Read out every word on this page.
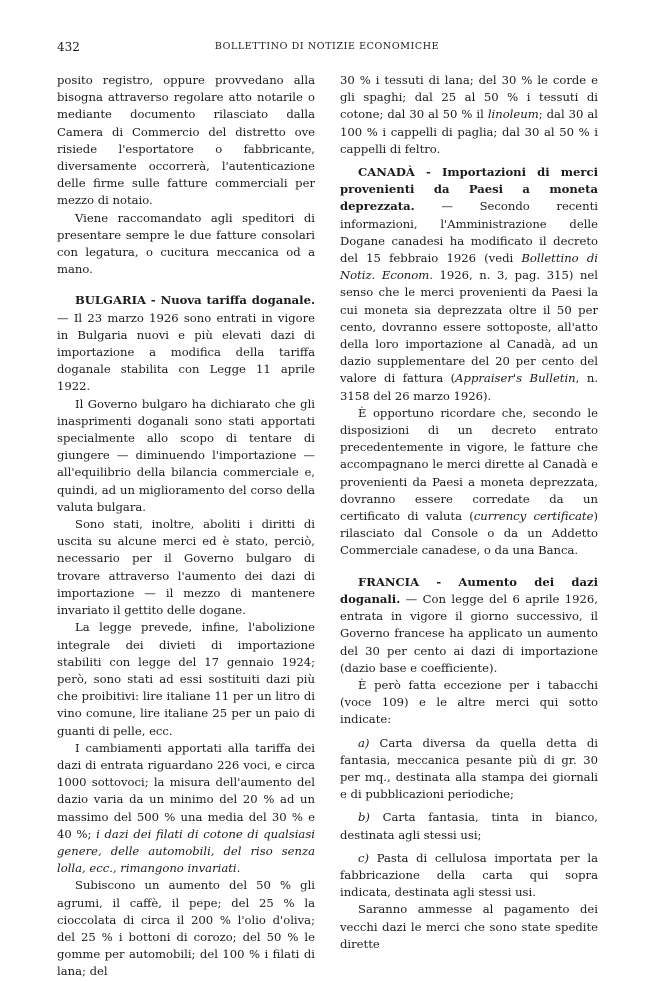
432	BOLLETTINO DI NOTIZIE ECONOMICHE

posito registro, oppure provvedano alla bisogna attraverso regolare atto notarile o mediante documento rilasciato dalla Camera di Commercio del distretto ove risiede l'esportatore o fabbricante, diversamente occorrerà, l'autenticazione delle firme sulle fatture commerciali per mezzo di notaio.

Viene raccomandato agli speditori di presentare sempre le due fatture consolari con legatura, o cucitura meccanica od a mano.

BULGARIA - Nuova tariffa doganale. — Il 23 marzo 1926 sono entrati in vigore in Bulgaria nuovi e più elevati dazi di importazione a modifica della tariffa doganale stabilita con Legge 11 aprile 1922.

Il Governo bulgaro ha dichiarato che gli inasprimenti doganali sono stati apportati specialmente allo scopo di tentare di giungere — diminuendo l'importazione — all'equilibrio della bilancia commerciale e, quindi, ad un miglioramento del corso della valuta bulgara.

Sono stati, inoltre, aboliti i diritti di uscita su alcune merci ed è stato, perciò, necessario per il Governo bulgaro di trovare attraverso l'aumento dei dazi di importazione — il mezzo di mantenere invariato il gettito delle dogane.

La legge prevede, infine, l'abolizione integrale dei divieti di importazione stabiliti con legge del 17 gennaio 1924; però, sono stati ad essi sostituiti dazi più che proibitivi: lire italiane 11 per un litro di vino comune, lire italiane 25 per un paio di guanti di pelle, ecc.

I cambiamenti apportati alla tariffa dei dazi di entrata riguardano 226 voci, e circa 1000 sottovoci; la misura dell'aumento del dazio varia da un minimo del 20 % ad un massimo del 500 % una media del 30 % e 40 %; i dazi dei filati di cotone di qualsiasi genere, delle automobili, del riso senza lolla, ecc., rimangono invariati.

Subiscono un aumento del 50 % gli agrumi, il caffè, il pepe; del 25 % la cioccolata di circa il 200 % l'olio d'oliva; del 25 % i bottoni di corozo; del 50 % le gomme per automobili; del 100 % i filati di lana; del

30 % i tessuti di lana; del 30 % le corde e gli spaghi; dal 25 al 50 % i tessuti di cotone; dal 30 al 50 % il linoleum; dal 30 al 100 % i cappelli di paglia; dal 30 al 50 % i cappelli di feltro.

CANADÀ - Importazioni di merci provenienti da Paesi a moneta deprezzata. — Secondo recenti informazioni, l'Amministrazione delle Dogane canadesi ha modificato il decreto del 15 febbraio 1926 (vedi Bollettino di Notiz. Econom. 1926, n. 3, pag. 315) nel senso che le merci provenienti da Paesi la cui moneta sia deprezzata oltre il 50 per cento, dovranno essere sottoposte, all'atto della loro importazione al Canadà, ad un dazio supplementare del 20 per cento del valore di fattura (Appraiser's Bulletin, n. 3158 del 26 marzo 1926).

È opportuno ricordare che, secondo le disposizioni di un decreto entrato precedentemente in vigore, le fatture che accompagnano le merci dirette al Canadà e provenienti da Paesi a moneta deprezzata, dovranno essere corredate da un certificato di valuta (currency certificate) rilasciato dal Console o da un Addetto Commerciale canadese, o da una Banca.

FRANCIA - Aumento dei dazi doganali. — Con legge del 6 aprile 1926, entrata in vigore il giorno successivo, il Governo francese ha applicato un aumento del 30 per cento ai dazi di importazione (dazio base e coefficiente).

È però fatta eccezione per i tabacchi (voce 109) e le altre merci qui sotto indicate:

a) Carta diversa da quella detta di fantasia, meccanica pesante più di gr. 30 per mq., destinata alla stampa dei giornali e di pubblicazioni periodiche;

b) Carta fantasia, tinta in bianco, destinata agli stessi usi;

c) Pasta di cellulosa importata per la fabbricazione della carta qui sopra indicata, destinata agli stessi usi.

Saranno ammesse al pagamento dei vecchi dazi le merci che sono state spedite dirette
